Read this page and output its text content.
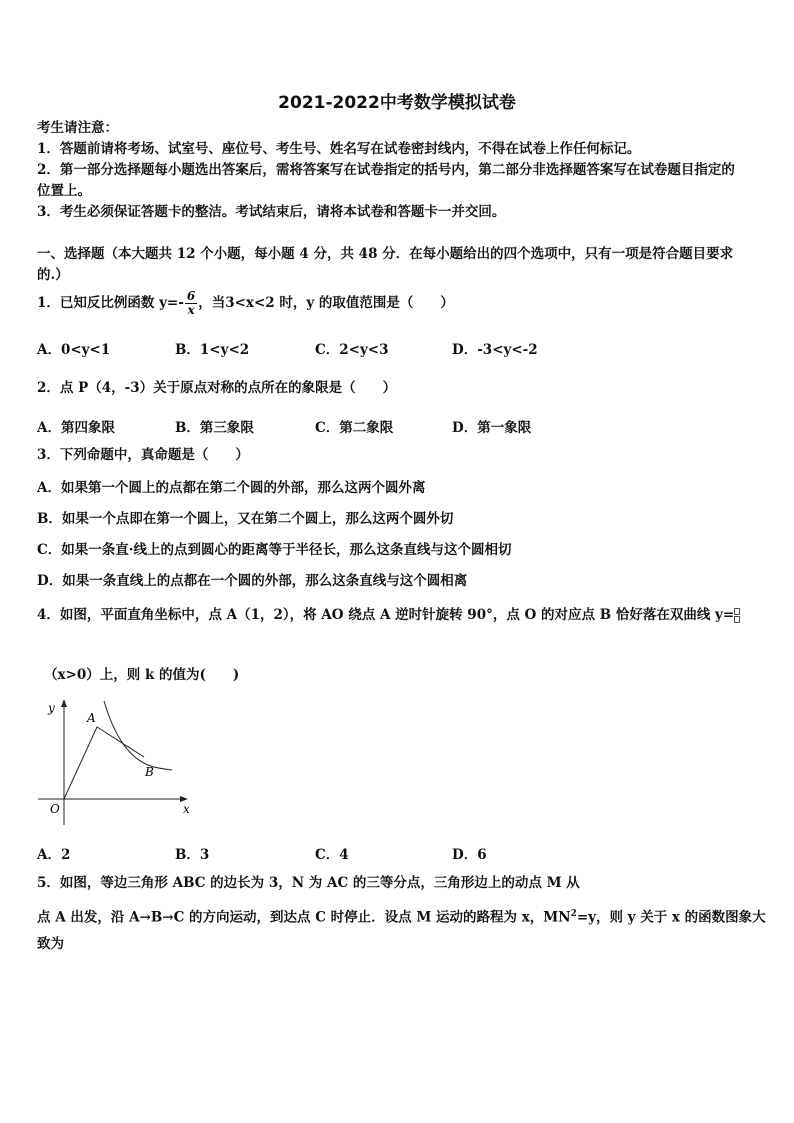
2021-2022中考数学模拟试卷
考生请注意：
1．答题前请将考场、试室号、座位号、考生号、姓名写在试卷密封线内，不得在试卷上作任何标记。
2．第一部分选择题每小题选出答案后，需将答案写在试卷指定的括号内，第二部分非选择题答案写在试卷题目指定的
位置上。
3．考生必须保证答题卡的整洁。考试结束后，请将本试卷和答题卡一并交回。
一、选择题（本大题共 12 个小题，每小题 4 分，共 48 分．在每小题给出的四个选项中，只有一项是符合题目要求
的.）
1．已知反比例函数 $y=- \frac{6}{x}$ ，当3<x<2 时，y 的取值范围是（　　）
A．0<y<1	B．1<y<2	C．2<y<3	D．-3<y<-2
2．点 P（4，-3）关于原点对称的点所在的象限是（　　）
A．第四象限	B．第三象限	C．第二象限	D．第一象限
3．下列命题中，真命题是（　　）
A．如果第一个圆上的点都在第二个圆的外部，那么这两个圆外离
B．如果一个点即在第一个圆上，又在第二个圆上，那么这两个圆外切
C．如果一条直·线上的点到圆心的距离等于半径长，那么这条直线与这个圆相切
D．如果一条直线上的点都在一个圆的外部，那么这条直线与这个圆相离
4．如图，平面直角坐标中，点 A（1，2），将 AO 绕点 A 逆时针旋转 90°，点 O 的对应点 B 恰好落在双曲线 y=
（x>0）上，则 k 的值为(　　)
y
x
O
A
B
A．2	B．3	C．4	D．6
5．如图，等边三角形 ABC 的边长为 3，N 为 AC 的三等分点，三角形边上的动点 M 从
点 A 出发，沿 A→B→C 的方向运动，到达点 C 时停止．设点 M 运动的路程为 x，$MN^2=y$，则 y 关于 x 的函数图象大
致为
